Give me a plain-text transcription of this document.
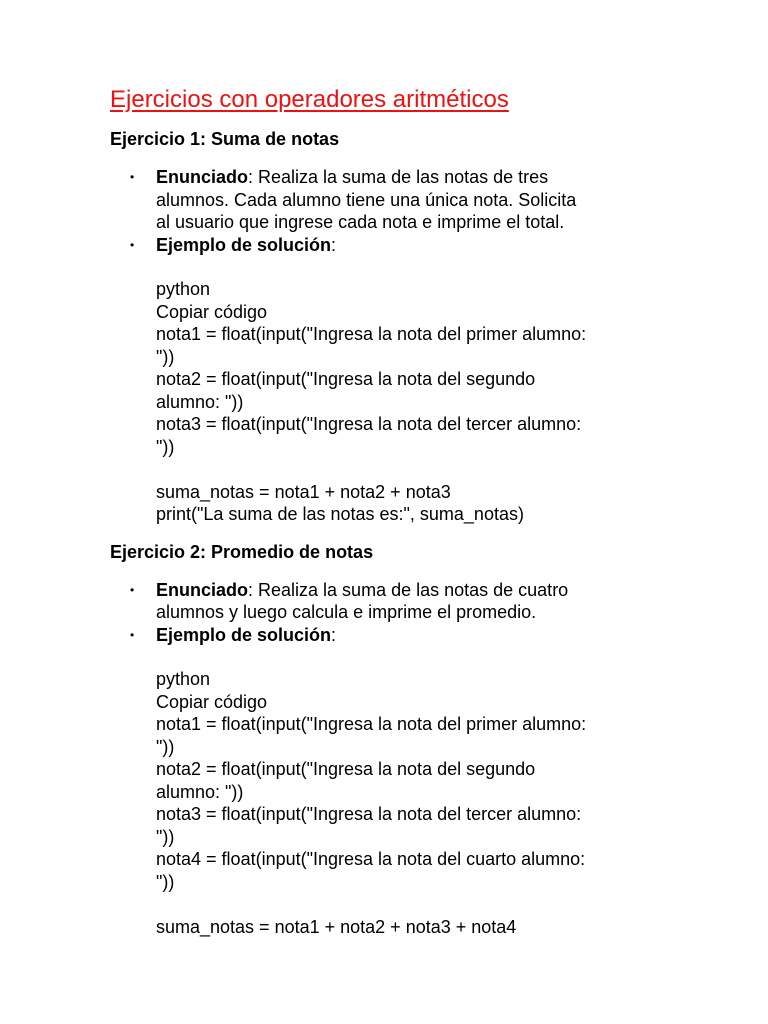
Ejercicios con operadores aritméticos
Ejercicio 1: Suma de notas
• Enunciado: Realiza la suma de las notas de tres
alumnos. Cada alumno tiene una única nota. Solicita
al usuario que ingrese cada nota e imprime el total.
• Ejemplo de solución:
python
Copiar código
nota1 = float(input("Ingresa la nota del primer alumno:
"))
nota2 = float(input("Ingresa la nota del segundo
alumno: "))
nota3 = float(input("Ingresa la nota del tercer alumno:
"))
suma_notas = nota1 + nota2 + nota3
print("La suma de las notas es:", suma_notas)
Ejercicio 2: Promedio de notas
• Enunciado: Realiza la suma de las notas de cuatro
alumnos y luego calcula e imprime el promedio.
• Ejemplo de solución:
python
Copiar código
nota1 = float(input("Ingresa la nota del primer alumno:
"))
nota2 = float(input("Ingresa la nota del segundo
alumno: "))
nota3 = float(input("Ingresa la nota del tercer alumno:
"))
nota4 = float(input("Ingresa la nota del cuarto alumno:
"))
suma_notas = nota1 + nota2 + nota3 + nota4
